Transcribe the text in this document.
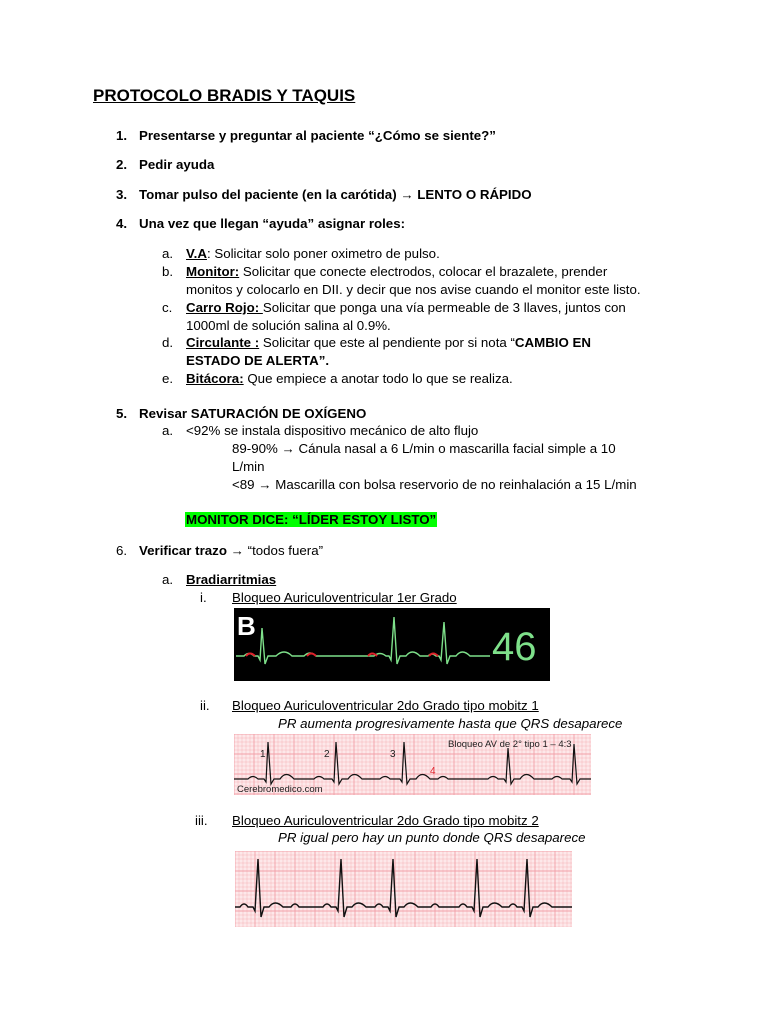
PROTOCOLO BRADIS Y TAQUIS
1. Presentarse y preguntar al paciente “¿Cómo se siente?”
2. Pedir ayuda
3. Tomar pulso del paciente (en la carótida) → LENTO O RÁPIDO
4. Una vez que llegan “ayuda” asignar roles:
a. V.A: Solicitar solo poner oximetro de pulso.
b. Monitor: Solicitar que conecte electrodos, colocar el brazalete, prender
monitos y colocarlo en DII. y decir que nos avise cuando el monitor este listo.
c. Carro Rojo: Solicitar que ponga una vía permeable de 3 llaves, juntos con
1000ml de solución salina al 0.9%.
d. Circulante : Solicitar que este al pendiente por si nota “CAMBIO EN
ESTADO DE ALERTA”.
e. Bitácora: Que empiece a anotar todo lo que se realiza.
5. Revisar SATURACIÓN DE OXÍGENO
a. <92% se instala dispositivo mecánico de alto flujo
89-90% → Cánula nasal a 6 L/min o mascarilla facial simple a 10
L/min
<89 → Mascarilla con bolsa reservorio de no reinhalación a 15 L/min
MONITOR DICE: “LÍDER ESTOY LISTO”
6. Verificar trazo → “todos fuera”
a. Bradiarritmias
i. Bloqueo Auriculoventricular 1er Grado
B	46
ii. Bloqueo Auriculoventricular 2do Grado tipo mobitz 1
PR aumenta progresivamente hasta que QRS desaparece
Bloqueo AV de 2° tipo 1 – 4:3
1	2	3
4
Cerebromedico.com
iii. Bloqueo Auriculoventricular 2do Grado tipo mobitz 2
PR igual pero hay un punto donde QRS desaparece
